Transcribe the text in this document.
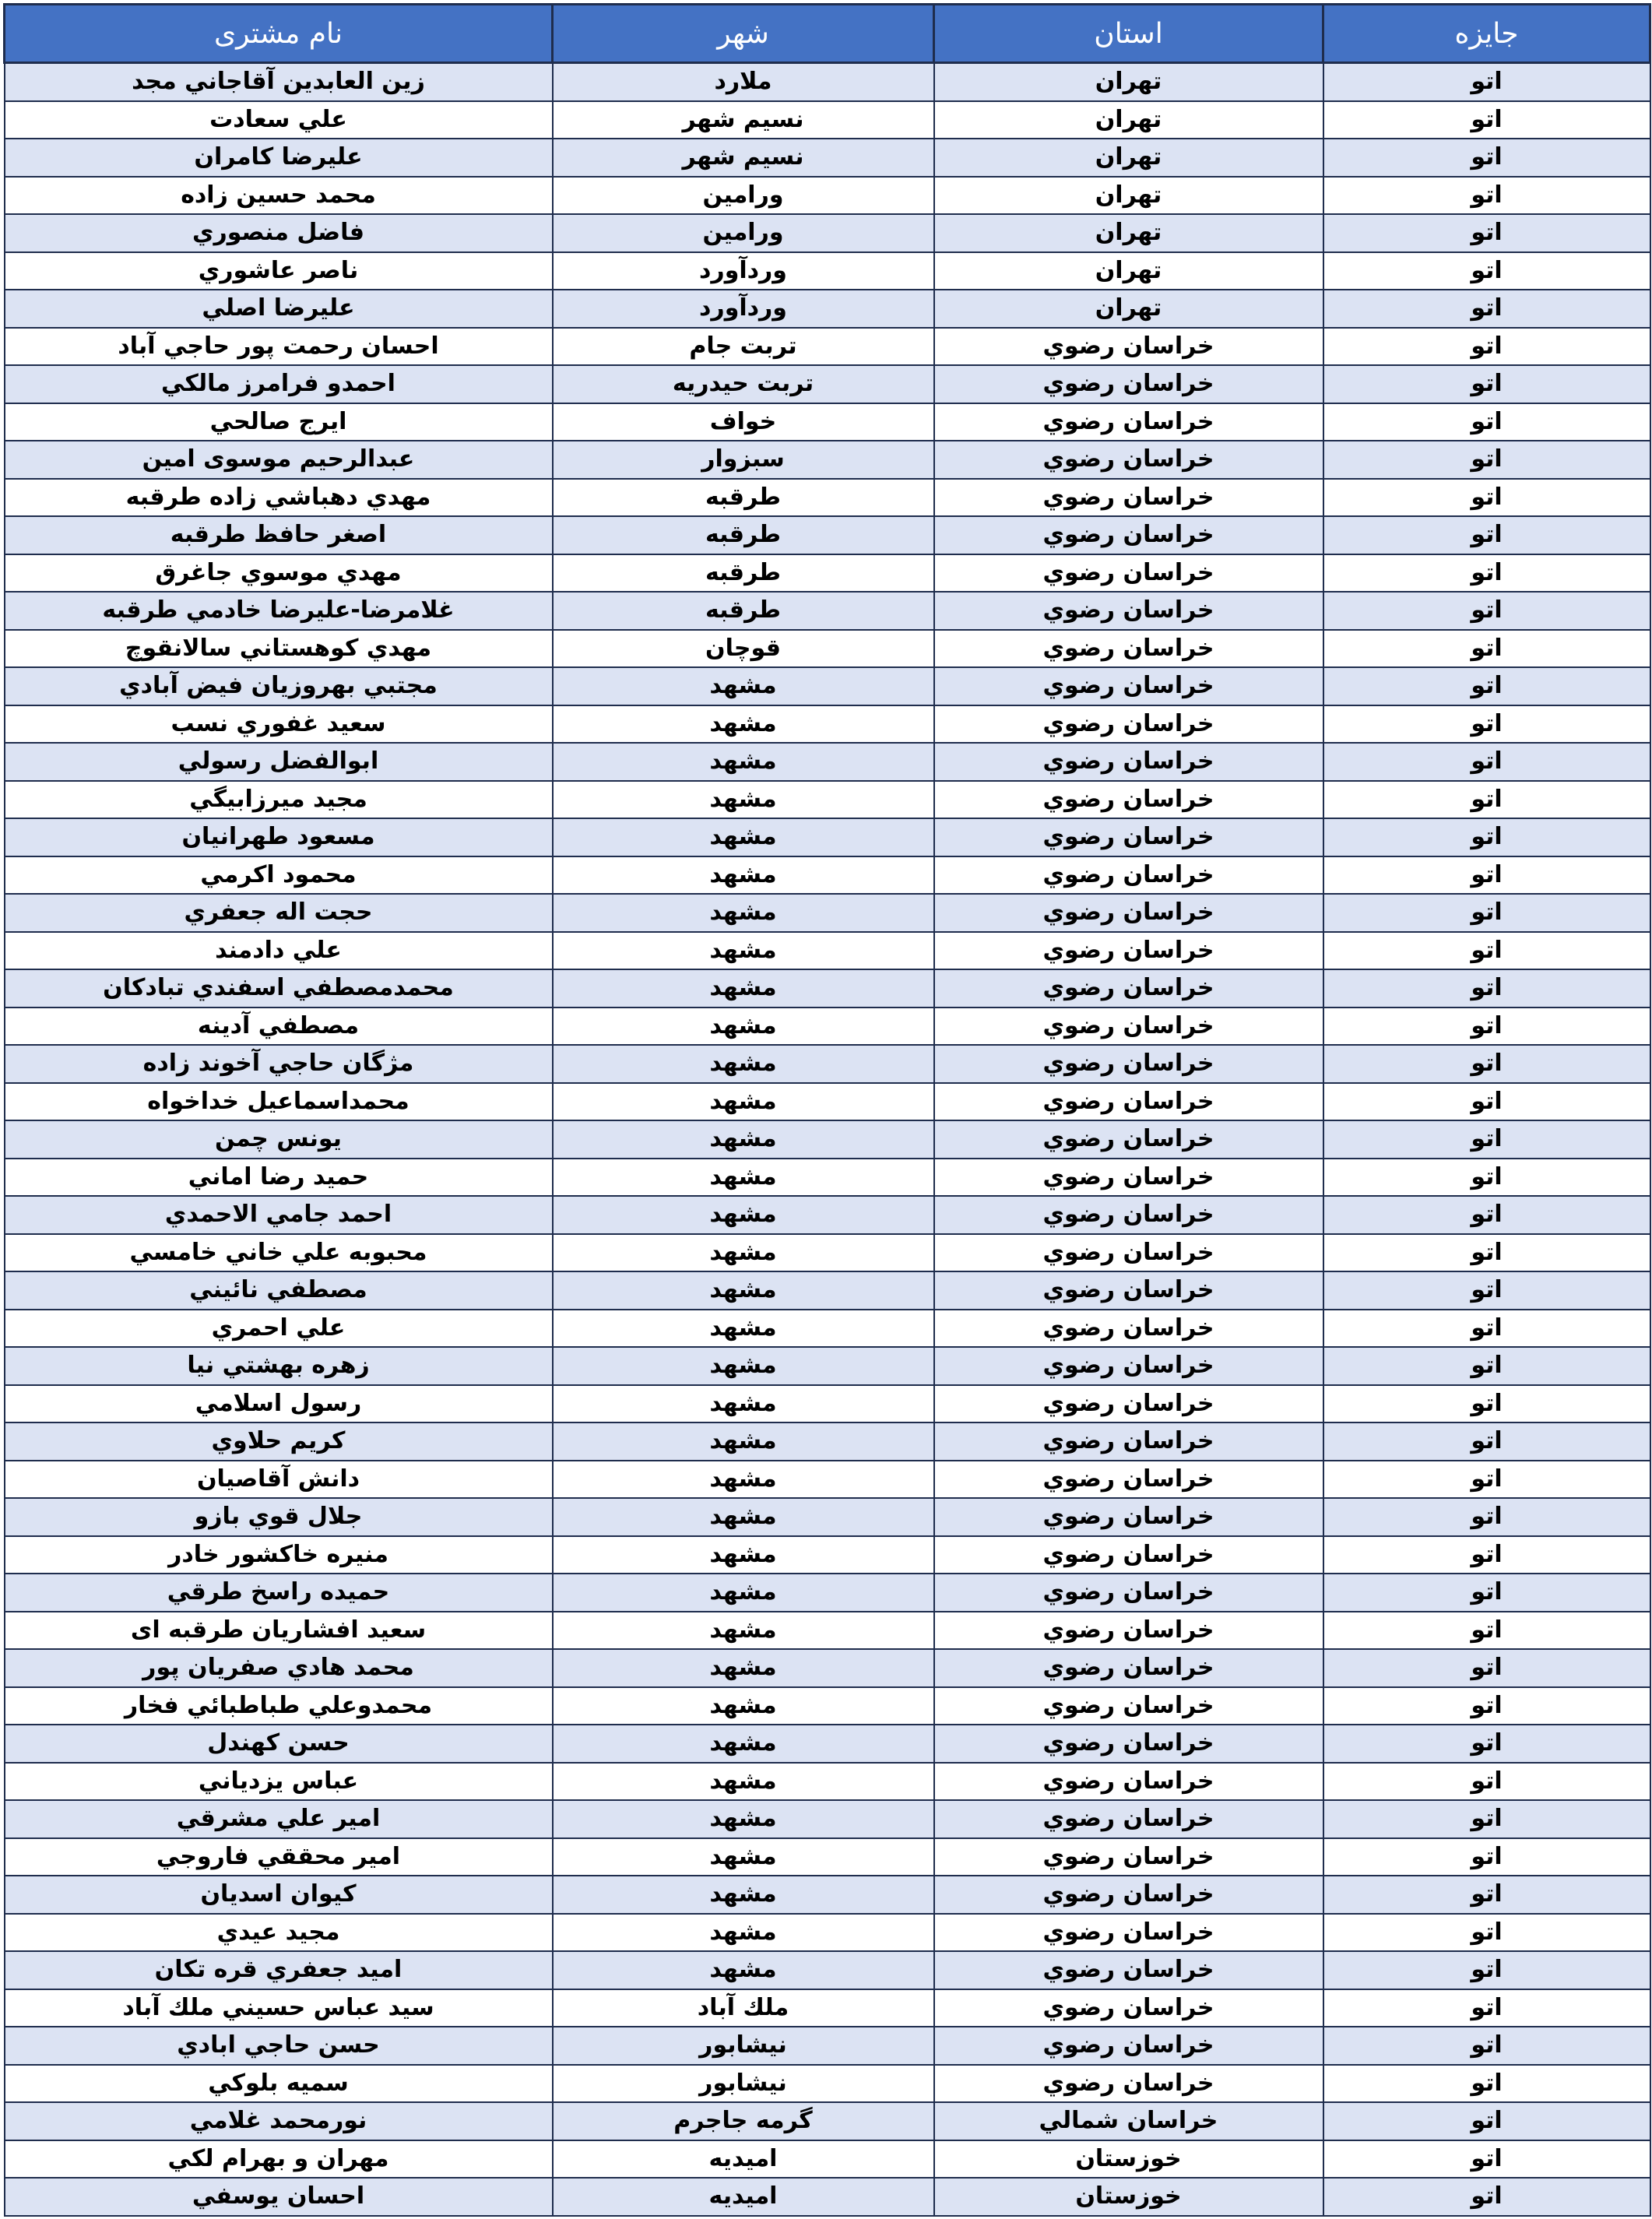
جایزه	استان	شهر	نام مشتری
اتو	تهران	ملارد	زين العابدين آقاجاني مجد
اتو	تهران	نسیم شهر	علي سعادت
اتو	تهران	نسیم شهر	عليرضا كامران
اتو	تهران	ورامين	محمد حسين زاده
اتو	تهران	ورامين	فاضل منصوري
اتو	تهران	وردآورد	ناصر عاشوري
اتو	تهران	وردآورد	عليرضا اصلي
اتو	خراسان رضوي	تربت جام	احسان رحمت پور حاجي آباد
اتو	خراسان رضوي	تربت حيدريه	احمدو فرامرز مالكي
اتو	خراسان رضوي	خواف	ايرج صالحي
اتو	خراسان رضوي	سبزوار	عبدالرحيم موسوی امين
اتو	خراسان رضوي	طرقبه	مهدي دهباشي زاده طرقبه
اتو	خراسان رضوي	طرقبه	اصغر حافظ طرقبه
اتو	خراسان رضوي	طرقبه	مهدي موسوي جاغرق
اتو	خراسان رضوي	طرقبه	غلامرضا-عليرضا خادمي طرقبه
اتو	خراسان رضوي	قوچان	مهدي كوهستاني سالانقوچ
اتو	خراسان رضوي	مشهد	مجتبي بهروزيان فيض آبادي
اتو	خراسان رضوي	مشهد	سعيد غفوري نسب
اتو	خراسان رضوي	مشهد	ابوالفضل رسولي
اتو	خراسان رضوي	مشهد	مجيد ميرزابيگي
اتو	خراسان رضوي	مشهد	مسعود طهرانيان
اتو	خراسان رضوي	مشهد	محمود اكرمي
اتو	خراسان رضوي	مشهد	حجت اله جعفري
اتو	خراسان رضوي	مشهد	علي دادمند
اتو	خراسان رضوي	مشهد	محمدمصطفي اسفندي تبادكان
اتو	خراسان رضوي	مشهد	مصطفي آدينه
اتو	خراسان رضوي	مشهد	مژگان حاجي آخوند زاده
اتو	خراسان رضوي	مشهد	محمداسماعيل خداخواه
اتو	خراسان رضوي	مشهد	يونس چمن
اتو	خراسان رضوي	مشهد	حميد رضا اماني
اتو	خراسان رضوي	مشهد	احمد جامي الاحمدي
اتو	خراسان رضوي	مشهد	محبوبه علي خاني خامسي
اتو	خراسان رضوي	مشهد	مصطفي نائيني
اتو	خراسان رضوي	مشهد	علي احمري
اتو	خراسان رضوي	مشهد	زهره بهشتي نيا
اتو	خراسان رضوي	مشهد	رسول اسلامي
اتو	خراسان رضوي	مشهد	كريم حلاوي
اتو	خراسان رضوي	مشهد	دانش آقاصيان
اتو	خراسان رضوي	مشهد	جلال قوي بازو
اتو	خراسان رضوي	مشهد	منيره خاكشور خادر
اتو	خراسان رضوي	مشهد	حميده راسخ طرقي
اتو	خراسان رضوي	مشهد	سعيد افشاريان طرقبه ای
اتو	خراسان رضوي	مشهد	محمد هادي صفريان پور
اتو	خراسان رضوي	مشهد	محمدوعلي طباطبائي فخار
اتو	خراسان رضوي	مشهد	حسن كهندل
اتو	خراسان رضوي	مشهد	عباس يزدياني
اتو	خراسان رضوي	مشهد	امير علي مشرقي
اتو	خراسان رضوي	مشهد	امير محققي فاروجي
اتو	خراسان رضوي	مشهد	كيوان اسديان
اتو	خراسان رضوي	مشهد	مجيد عيدي
اتو	خراسان رضوي	مشهد	اميد جعفري قره تكان
اتو	خراسان رضوي	ملك آباد	سيد عباس حسيني ملك آباد
اتو	خراسان رضوي	نيشابور	حسن حاجي ابادي
اتو	خراسان رضوي	نيشابور	سميه بلوكي
اتو	خراسان شمالي	گرمه جاجرم	نورمحمد غلامي
اتو	خوزستان	اميديه	مهران و بهرام لكي
اتو	خوزستان	اميديه	احسان يوسفي
